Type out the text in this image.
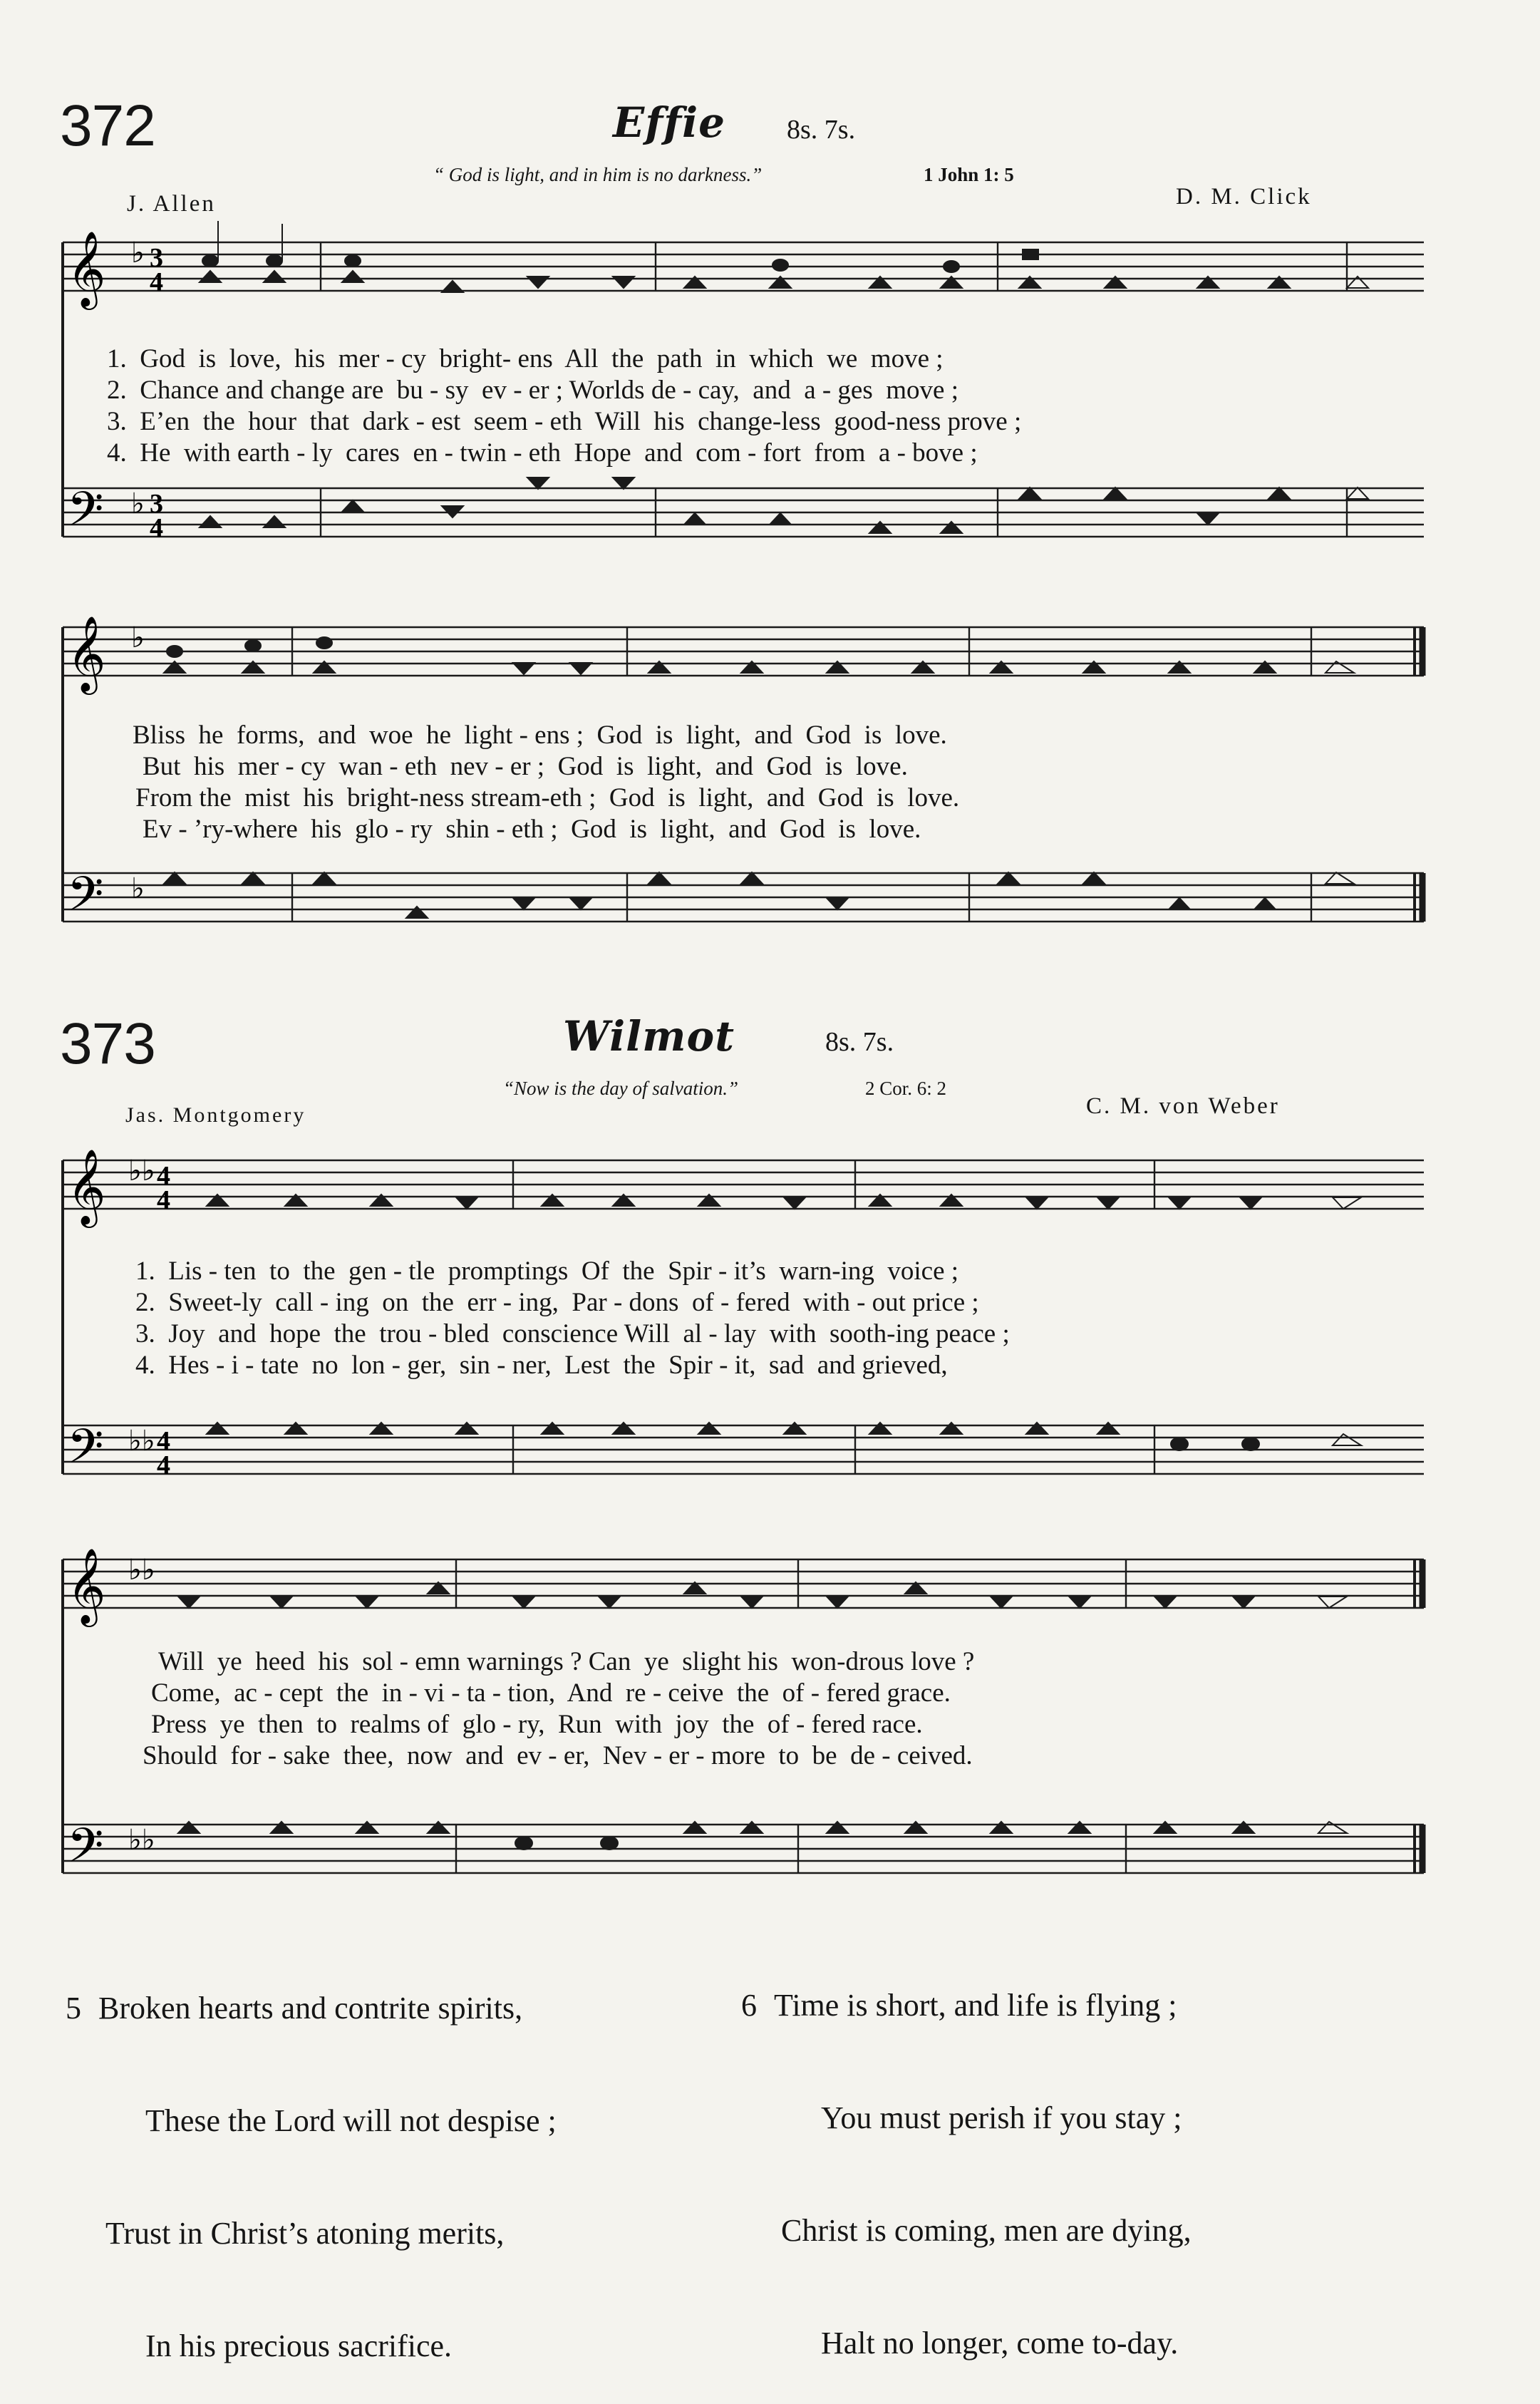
372	Effie 8s. 7s.
“ God is light, and in him is no darkness.”	1 John 1: 5
J. Allen	D. M. Click
𝄞
𝄢
♭
♭
3
4
3
4
1.  God  is  love,  his  mer - cy  bright- ens  All  the  path  in  which  we  move ;
2.  Chance and change are  bu - sy  ev - er ; Worlds de - cay,  and  a - ges  move ;
3.  E’en  the  hour  that  dark - est  seem - eth  Will  his  change-less  good-ness prove ;
4.  He  with earth - ly  cares  en - twin - eth  Hope  and  com - fort  from  a - bove ;
𝄞
𝄢
♭
♭
Bliss  he  forms,  and  woe  he  light - ens ;  God  is  light,  and  God  is  love.
But  his  mer - cy  wan - eth  nev - er ;  God  is  light,  and  God  is  love.
From the  mist  his  bright-ness stream-eth ;  God  is  light,  and  God  is  love.
Ev - ’ry-where  his  glo - ry  shin - eth ;  God  is  light,  and  God  is  love.
373	Wilmot	8s. 7s.
“Now is the day of salvation.”	2 Cor. 6: 2
Jas. Montgomery	C. M. von Weber
𝄞
𝄢
♭♭
♭♭
4
4
4
4
1.  Lis - ten  to  the  gen - tle  promptings  Of  the  Spir - it’s  warn-ing  voice ;
2.  Sweet-ly  call - ing  on  the  err - ing,  Par - dons  of - fered  with - out price ;
3.  Joy  and  hope  the  trou - bled  conscience Will  al - lay  with  sooth-ing peace ;
4.  Hes - i - tate  no  lon - ger,  sin - ner,  Lest  the  Spir - it,  sad  and grieved,
𝄞
𝄢
♭♭
♭♭
Will  ye  heed  his  sol - emn warnings ? Can  ye  slight his  won-drous love ?
Come,  ac - cept  the  in - vi - ta - tion,  And  re - ceive  the  of - fered grace.
Press  ye  then  to  realms of  glo - ry,  Run  with  joy  the  of - fered race.
Should  for - sake  thee,  now  and  ev - er,  Nev - er - more  to  be  de - ceived.

5 Broken hearts and contrite spirits,

These the Lord will not despise ;

Trust in Christ’s atoning merits,

In his precious sacrifice.

6 Time is short, and life is flying ;

You must perish if you stay ;

Christ is coming, men are dying,

Halt no longer, come to-day.
